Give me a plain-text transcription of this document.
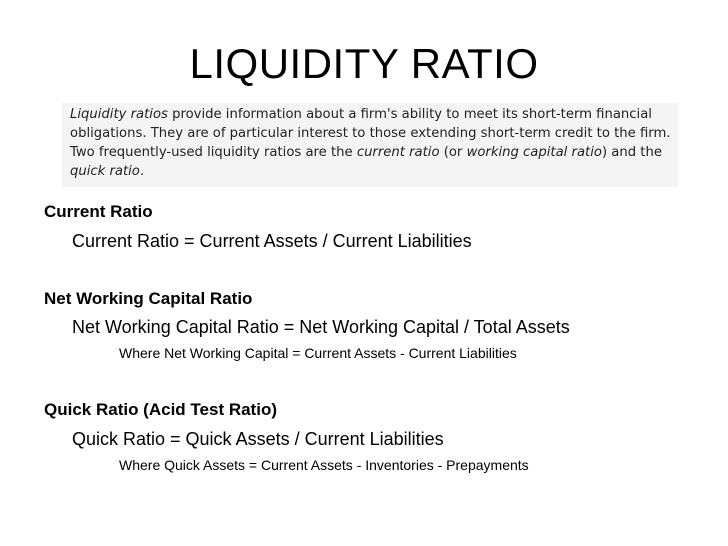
LIQUIDITY RATIO
Liquidity ratios provide information about a firm's ability to meet its short-term financial obligations. They are of particular interest to those extending short-term credit to the firm. Two frequently-used liquidity ratios are the current ratio (or working capital ratio) and the quick ratio.
Current Ratio
Current Ratio = Current Assets / Current Liabilities
Net Working Capital Ratio
Net Working Capital Ratio = Net Working Capital / Total Assets
Where Net Working Capital = Current Assets - Current Liabilities
Quick Ratio (Acid Test Ratio)
Quick Ratio = Quick Assets / Current Liabilities
Where Quick Assets = Current Assets - Inventories - Prepayments
